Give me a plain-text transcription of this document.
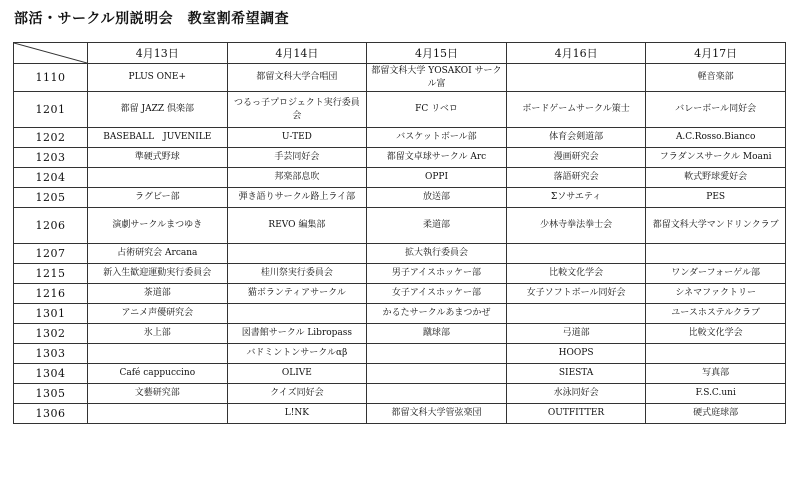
部活・サークル別説明会　教室割希望調査
	4月13日	4月14日	4月15日	4月16日	4月17日
1110	PLUS ONE+	都留文科大学合唱団	都留文科大学 YOSAKOI サークル富		軽音楽部
1201	都留 JAZZ 倶楽部	つるっ子プロジェクト実行委員会	FC リベロ	ボードゲームサークル策士	バレーボール同好会
1202	BASEBALL　JUVENILE	U-TED	バスケットボール部	体育会剣道部	A.C.Rosso.Bianco
1203	準硬式野球	手芸同好会	都留文卓球サークル Arc	漫画研究会	フラダンスサークル Moani
1204		邦楽部息吹	OPPI	落語研究会	軟式野球愛好会
1205	ラグビー部	弾き語りサークル路上ライ部	放送部	Σソサエティ	PES
1206	演劇サークルまつゆき	REVO 編集部	柔道部	少林寺拳法拳士会	都留文科大学マンドリンクラブ
1207	占術研究会 Arcana		拡大執行委員会		
1215	新入生歓迎運動実行委員会	桂川祭実行委員会	男子アイスホッケー部	比較文化学会	ワンダーフォーゲル部
1216	茶道部	猫ボランティアサークル	女子アイスホッケー部	女子ソフトボール同好会	シネマファクトリー
1301	アニメ声優研究会		かるたサークルあまつかぜ		ユースホステルクラブ
1302	氷上部	図書館サークル Libropass	蹴球部	弓道部	比較文化学会
1303		バドミントンサークルαβ		HOOPS	
1304	Café cappuccino	OLIVE		SIESTA	写真部
1305	文藝研究部	クイズ同好会		水泳同好会	F.S.C.uni
1306		L!NK	都留文科大学管弦楽団	OUTFITTER	硬式庭球部
